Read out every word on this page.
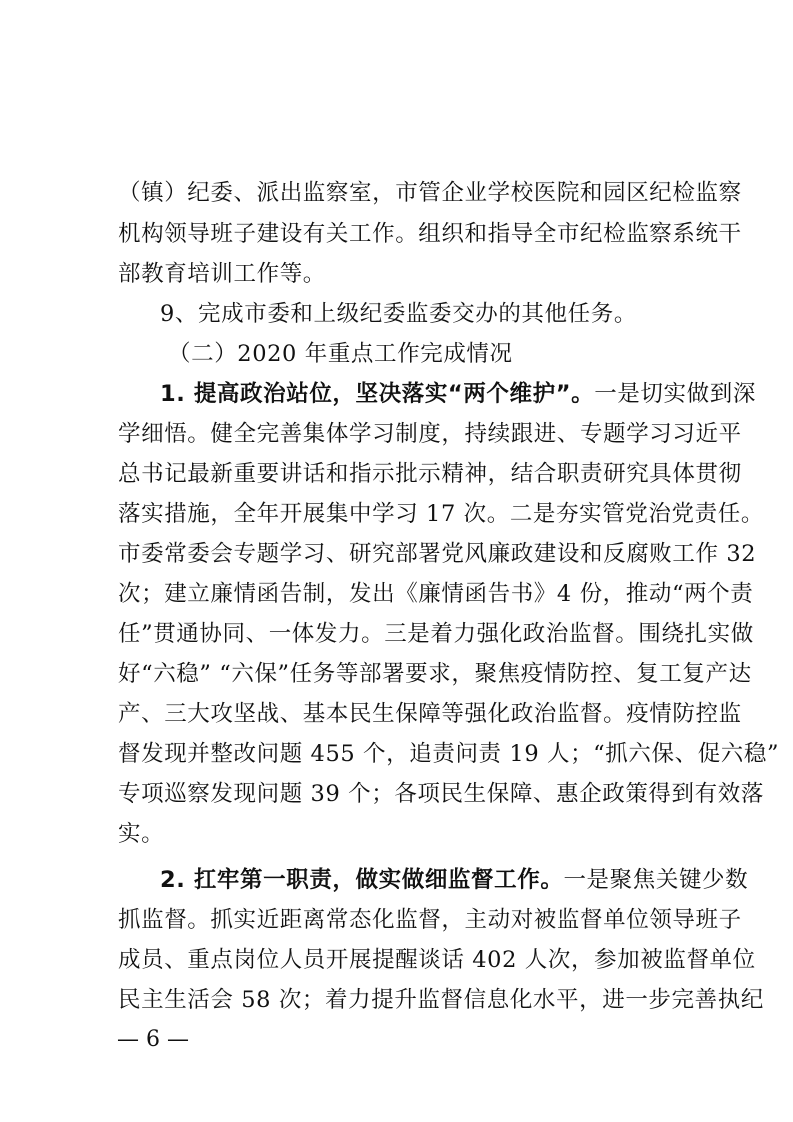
（镇）纪委、派出监察室，市管企业学校医院和园区纪检监察
机构领导班子建设有关工作。组织和指导全市纪检监察系统干
部教育培训工作等。
9、完成市委和上级纪委监委交办的其他任务。
（二）2020 年重点工作完成情况
1. 提高政治站位，坚决落实“两个维护”。一是切实做到深
学细悟。健全完善集体学习制度，持续跟进、专题学习习近平
总书记最新重要讲话和指示批示精神，结合职责研究具体贯彻
落实措施，全年开展集中学习 17 次。二是夯实管党治党责任。
市委常委会专题学习、研究部署党风廉政建设和反腐败工作 32
次；建立廉情函告制，发出《廉情函告书》4 份，推动“两个责
任”贯通协同、一体发力。三是着力强化政治监督。围绕扎实做
好“六稳” “六保”任务等部署要求，聚焦疫情防控、复工复产达
产、三大攻坚战、基本民生保障等强化政治监督。疫情防控监
督发现并整改问题 455 个，追责问责 19 人；“抓六保、促六稳”
专项巡察发现问题 39 个；各项民生保障、惠企政策得到有效落
实。
2. 扛牢第一职责，做实做细监督工作。一是聚焦关键少数
抓监督。抓实近距离常态化监督，主动对被监督单位领导班子
成员、重点岗位人员开展提醒谈话 402 人次，参加被监督单位
民主生活会 58 次；着力提升监督信息化水平，进一步完善执纪
— 6 —
